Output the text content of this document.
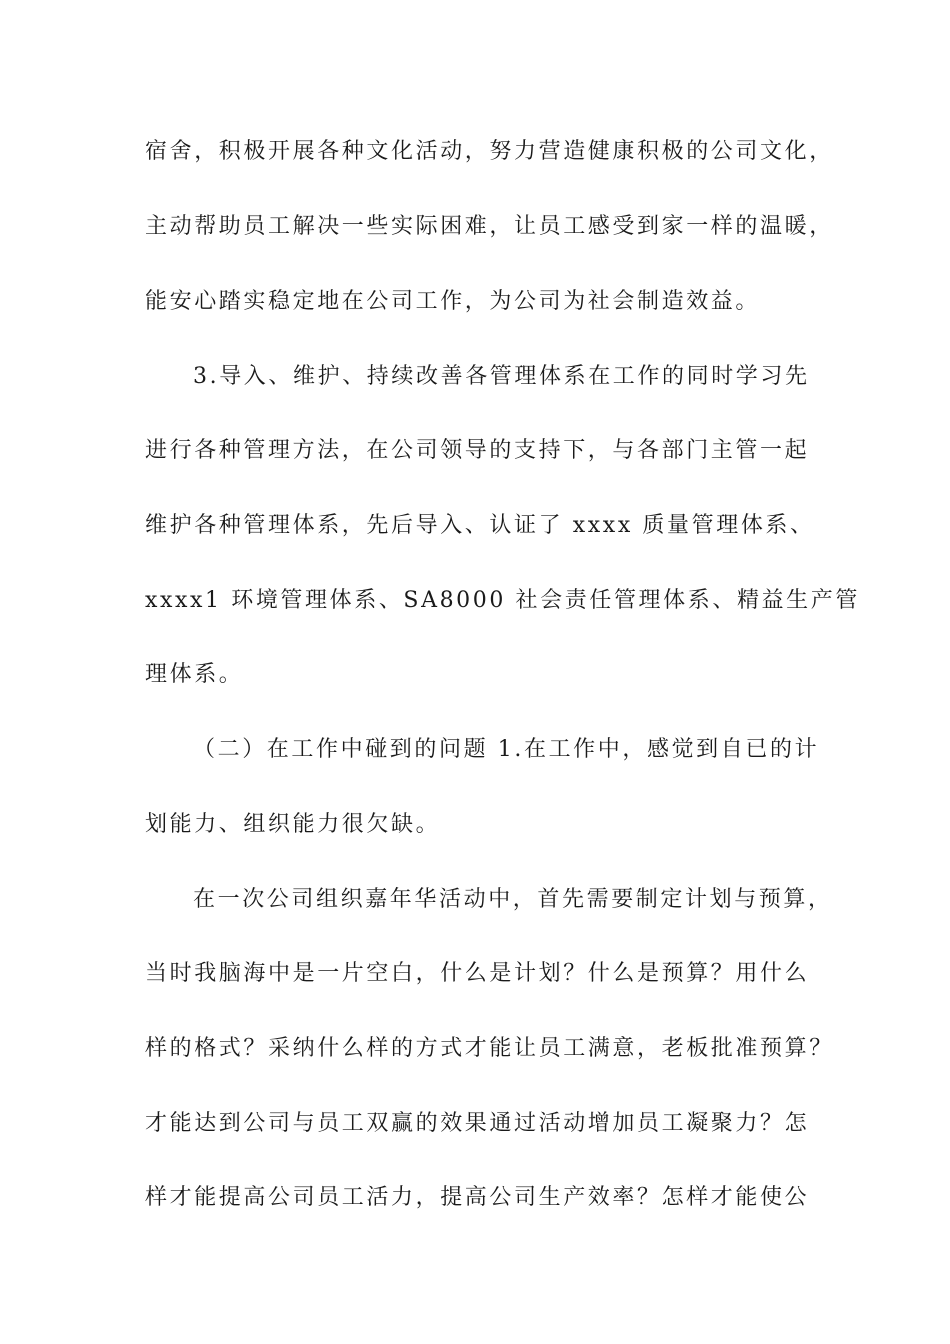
宿舍，积极开展各种文化活动，努力营造健康积极的公司文化，
主动帮助员工解决一些实际困难，让员工感受到家一样的温暖，
能安心踏实稳定地在公司工作，为公司为社会制造效益。
3.导入、维护、持续改善各管理体系在工作的同时学习先
进行各种管理方法，在公司领导的支持下，与各部门主管一起
维护各种管理体系，先后导入、认证了 xxxx 质量管理体系、
xxxx1 环境管理体系、SA8000 社会责任管理体系、精益生产管
理体系。
（二）在工作中碰到的问题 1.在工作中，感觉到自已的计
划能力、组织能力很欠缺。
在一次公司组织嘉年华活动中，首先需要制定计划与预算，
当时我脑海中是一片空白，什么是计划？什么是预算？用什么
样的格式？采纳什么样的方式才能让员工满意，老板批准预算？
才能达到公司与员工双赢的效果通过活动增加员工凝聚力？怎
样才能提高公司员工活力，提高公司生产效率？怎样才能使公
